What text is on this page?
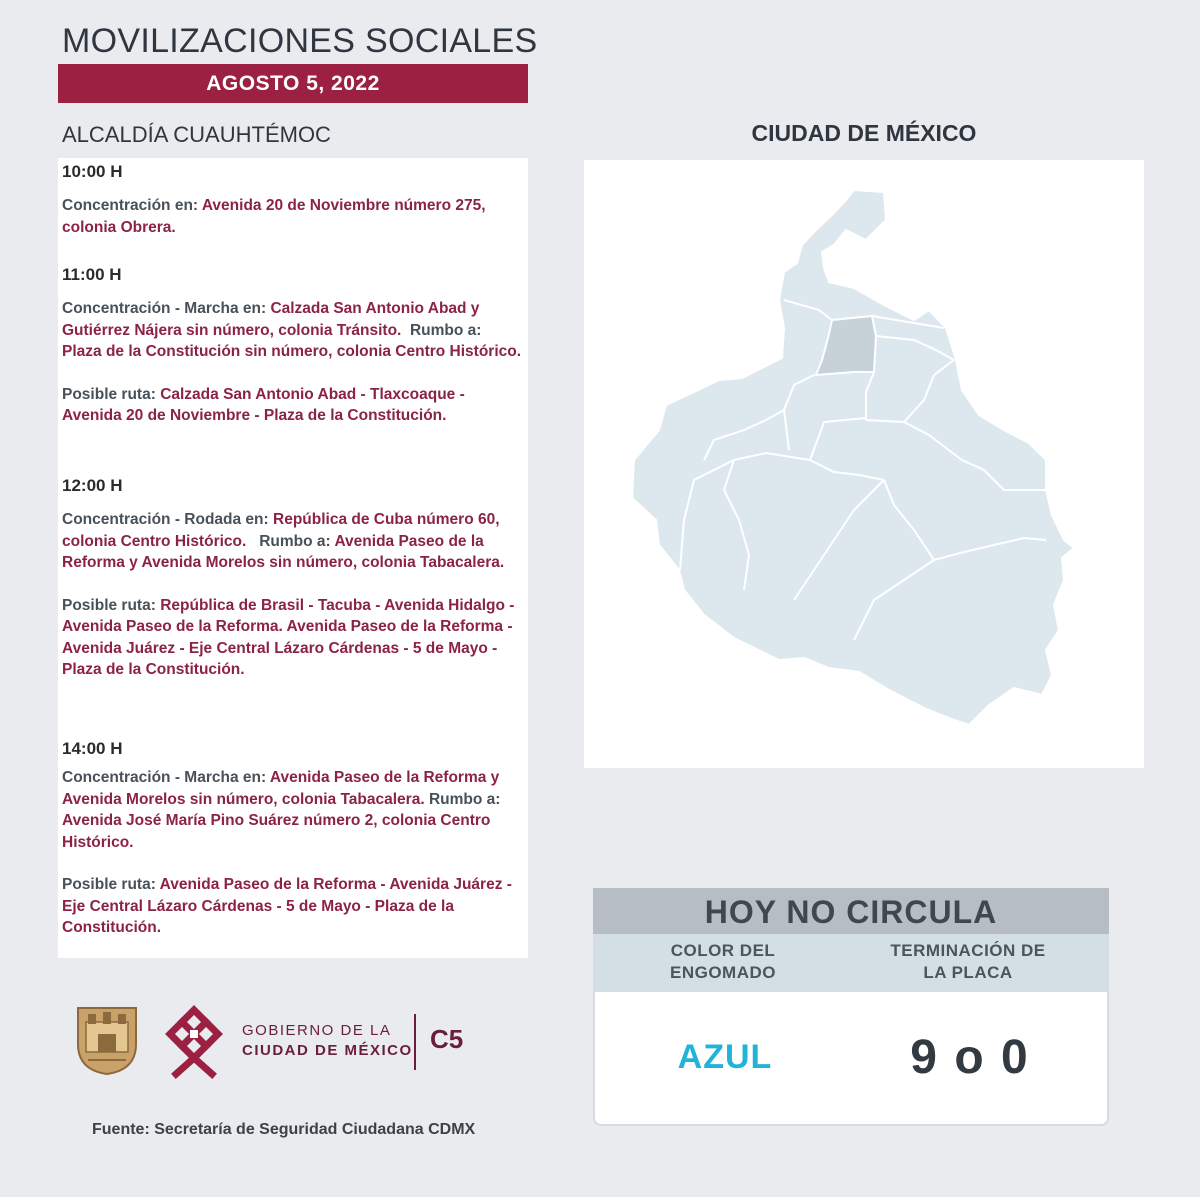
MOVILIZACIONES SOCIALES
AGOSTO 5, 2022
ALCALDÍA CUAUHTÉMOC
10:00 H
Concentración en: Avenida 20 de Noviembre número 275, colonia Obrera.
11:00 H
Concentración - Marcha en: Calzada San Antonio Abad y Gutiérrez Nájera sin número, colonia Tránsito.  Rumbo a: Plaza de la Constitución sin número, colonia Centro Histórico.
Posible ruta: Calzada San Antonio Abad - Tlaxcoaque - Avenida 20 de Noviembre - Plaza de la Constitución.
12:00 H
Concentración - Rodada en: República de Cuba número 60, colonia Centro Histórico.   Rumbo a: Avenida Paseo de la Reforma y Avenida Morelos sin número, colonia Tabacalera.
Posible ruta: República de Brasil - Tacuba - Avenida Hidalgo - Avenida Paseo de la Reforma. Avenida Paseo de la Reforma - Avenida Juárez - Eje Central Lázaro Cárdenas - 5 de Mayo - Plaza de la Constitución.
14:00 H
Concentración - Marcha en: Avenida Paseo de la Reforma y Avenida Morelos sin número, colonia Tabacalera. Rumbo a: Avenida José María Pino Suárez número 2, colonia Centro Histórico.
Posible ruta: Avenida Paseo de la Reforma - Avenida Juárez - Eje Central Lázaro Cárdenas - 5 de Mayo - Plaza de la Constitución.
CIUDAD DE MÉXICO
HOY NO CIRCULA
COLOR DEL
ENGOMADO
TERMINACIÓN DE
LA PLACA
AZUL	9 o 0
GOBIERNO DE LA
CIUDAD DE MÉXICO C5
Fuente: Secretaría de Seguridad Ciudadana CDMX
